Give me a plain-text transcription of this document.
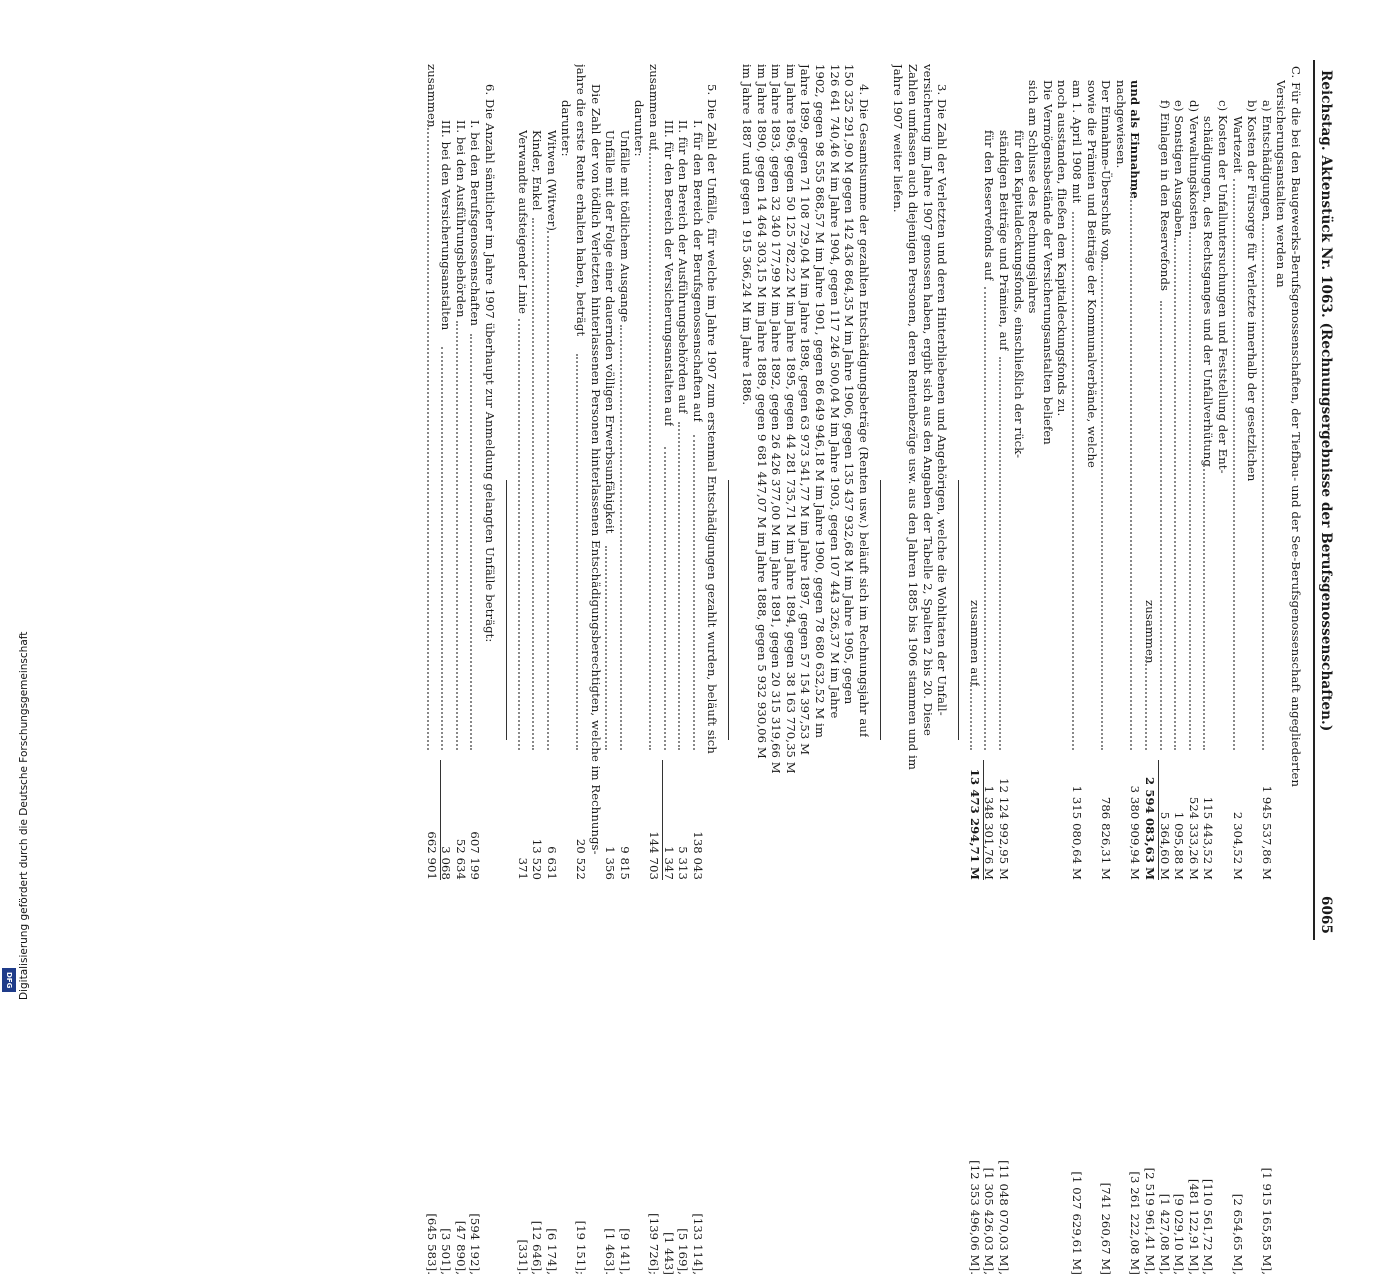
Reichstag. Aktenstück Nr. 1063. (Rechnungsergebnisse der Berufsgenossenschaften.)
6065
C. Für die bei den Baugewerks-Berufsgenossenschaften, der Tiefbau- und der See-Berufsgenossenschaft angegliederten
Versicherungsanstalten werden an
a) Entschädigungen
1 945 537,86 M
[1 915 165,85 M],
b) Kosten der Fürsorge für Verletzte innerhalb der gesetzlichen
Wartezeit
2 304,52 M
[2 654,65 M],
c) Kosten der Unfalluntersuchungen und Feststellung der Ent-
schädigungen, des Rechtsganges und der Unfallverhütung
115 443,52 M
[110 561,72 M],
d) Verwaltungskosten
524 333,26 M
[481 122,91 M],
e) Sonstigen Ausgaben
1 095,88 M
[9 029,10 M],
f) Einlagen in den Reservefonds
5 364,60 M
[1 427,08 M],
zusammen
2 594 083,63 M
[2 519 961,41 M],
und als Einnahme
3 380 909,94 M
[3 261 222,08 M]
nachgewiesen.
Der Einnahme-Überschuß von
786 826,31 M
[741 260,67 M]
sowie die Prämien und Beiträge der Kommunalverbände, welche
am 1. April 1908 mit
1 315 080,64 M
[1 027 629,61 M]
noch ausstanden, fließen dem Kapitaldeckungsfonds zu.
Die Vermögensbestände der Versicherungsanstalten beliefen
sich am Schlusse des Rechnungsjahres
für den Kapitaldeckungsfonds, einschließlich der rück-
ständigen Beiträge und Prämien, auf
12 124 992,95 M
[11 048 070,03 M],
für den Reservefonds auf
1 348 301,76 M
[1 305 426,03 M],
zusammen auf
13 473 294,71 M
[12 353 496,06 M].
3. Die Zahl der Verletzten und deren Hinterbliebenen und Angehörigen, welche die Wohltaten der Unfall-
versicherung im Jahre 1907 genossen haben, ergibt sich aus den Angaben der Tabelle 2, Spalten 2 bis 20. Diese
Zahlen umfassen auch diejenigen Personen, deren Rentenbezüge usw. aus den Jahren 1885 bis 1906 stammen und im
Jahre 1907 weiter liefen.
4. Die Gesamtsumme der gezahlten Entschädigungsbeträge (Renten usw.) beläuft sich im Rechnungsjahr auf
150 325 291,90 M gegen 142 436 864,35 M im Jahre 1906, gegen 135 437 932,68 M im Jahre 1905, gegen
126 641 740,46 M im Jahre 1904, gegen 117 246 500,04 M im Jahre 1903, gegen 107 443 326,37 M im Jahre
1902, gegen 98 555 868,57 M im Jahre 1901, gegen 86 649 946,18 M im Jahre 1900, gegen 78 680 632,52 M im
Jahre 1899, gegen 71 108 729,04 M im Jahre 1898, gegen 63 973 541,77 M im Jahre 1897, gegen 57 154 397,53 M
im Jahre 1896, gegen 50 125 782,22 M im Jahre 1895, gegen 44 281 735,71 M im Jahre 1894, gegen 38 163 770,35 M
im Jahre 1893, gegen 32 340 177,99 M im Jahre 1892, gegen 26 426 377,00 M im Jahre 1891, gegen 20 315 319,66 M
im Jahre 1890, gegen 14 464 303,15 M im Jahre 1889, gegen 9 681 447,07 M im Jahre 1888, gegen 5 932 930,06 M
im Jahre 1887 und gegen 1 915 366,24 M im Jahre 1886.
5. Die Zahl der Unfälle, für welche im Jahre 1907 zum erstenmal Entschädigungen gezahlt wurden, beläuft sich
I. für den Bereich der Berufsgenossenschaften auf
138 043
[133 114],
II. für den Bereich der Ausführungsbehörden auf
5 313
[5 169],
III. für den Bereich der Versicherungsanstalten auf
1 347
[1 443]
zusammen auf
144 703
[139 726];
darunter:
Unfälle mit tödlichem Ausgange
9 815
[9 141],
Unfälle mit der Folge einer dauernden völligen Erwerbsunfähigkeit
1 356
[1 463].
Die Zahl der von tödlich Verletzten hinterlassenen Personen hinterlassenen Entschädigungsberechtigten, welche im Rechnungs-
jahre die erste Rente erhalten haben, beträgt
20 522
[19 151];
darunter:
Witwen (Witwer)
6 631
[6 174],
Kinder, Enkel
13 520
[12 646],
Verwandte aufsteigender Linie
371
[331].
6. Die Anzahl sämtlicher im Jahre 1907 überhaupt zur Anmeldung gelangten Unfälle beträgt:
I. bei den Berufsgenossenschaften
607 199
[594 192],
II. bei den Ausführungsbehörden
52 634
[47 890],
III. bei den Versicherungsanstalten
3 068
[3 501],
zusammen
662 901
[645 583].
Digitalisierung gefördert durch die Deutsche Forschungsgemeinschaft
DFG
